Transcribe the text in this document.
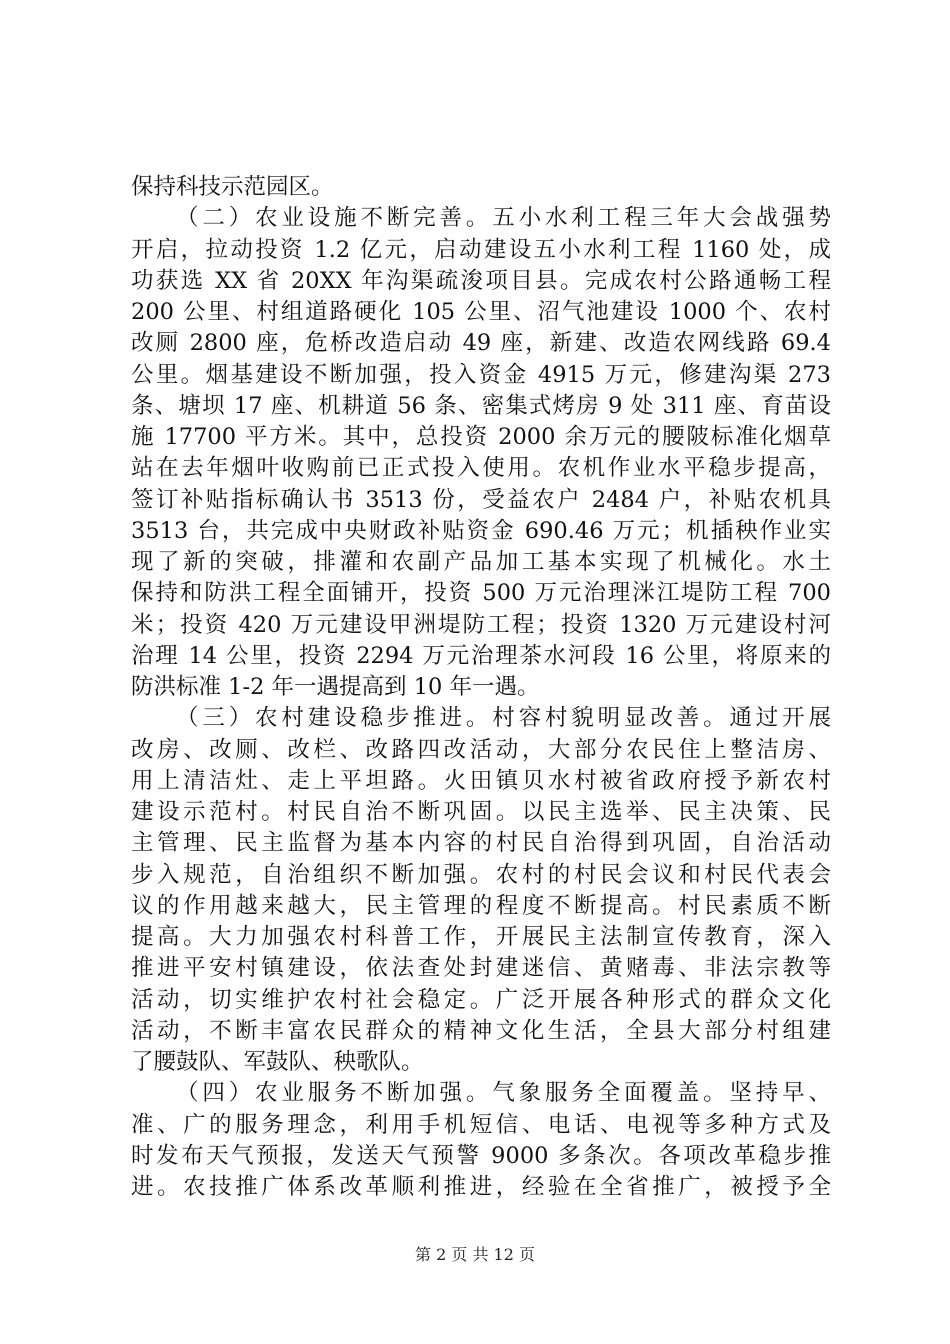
保持科技示范园区。
（二）农业设施不断完善。五小水利工程三年大会战强势
开启，拉动投资 1.2 亿元，启动建设五小水利工程 1160 处，成
功获选 XX 省 20XX 年沟渠疏浚项目县。完成农村公路通畅工程
200 公里、村组道路硬化 105 公里、沼气池建设 1000 个、农村
改厕 2800 座，危桥改造启动 49 座，新建、改造农网线路 69.4
公里。烟基建设不断加强，投入资金 4915 万元，修建沟渠 273
条、塘坝 17 座、机耕道 56 条、密集式烤房 9 处 311 座、育苗设
施 17700 平方米。其中，总投资 2000 余万元的腰陂标准化烟草
站在去年烟叶收购前已正式投入使用。农机作业水平稳步提高，
签订补贴指标确认书 3513 份，受益农户 2484 户，补贴农机具
3513 台，共完成中央财政补贴资金 690.46 万元；机插秧作业实
现了新的突破，排灌和农副产品加工基本实现了机械化。水土
保持和防洪工程全面铺开，投资 500 万元治理洣江堤防工程 700
米；投资 420 万元建设甲洲堤防工程；投资 1320 万元建设村河
治理 14 公里，投资 2294 万元治理茶水河段 16 公里，将原来的
防洪标准 1-2 年一遇提高到 10 年一遇。
（三）农村建设稳步推进。村容村貌明显改善。通过开展
改房、改厕、改栏、改路四改活动，大部分农民住上整洁房、
用上清洁灶、走上平坦路。火田镇贝水村被省政府授予新农村
建设示范村。村民自治不断巩固。以民主选举、民主决策、民
主管理、民主监督为基本内容的村民自治得到巩固，自治活动
步入规范，自治组织不断加强。农村的村民会议和村民代表会
议的作用越来越大，民主管理的程度不断提高。村民素质不断
提高。大力加强农村科普工作，开展民主法制宣传教育，深入
推进平安村镇建设，依法查处封建迷信、黄赌毒、非法宗教等
活动，切实维护农村社会稳定。广泛开展各种形式的群众文化
活动，不断丰富农民群众的精神文化生活，全县大部分村组建
了腰鼓队、军鼓队、秧歌队。
（四）农业服务不断加强。气象服务全面覆盖。坚持早、
准、广的服务理念，利用手机短信、电话、电视等多种方式及
时发布天气预报，发送天气预警 9000 多条次。各项改革稳步推
进。农技推广体系改革顺利推进，经验在全省推广，被授予全
第 2 页 共 12 页
